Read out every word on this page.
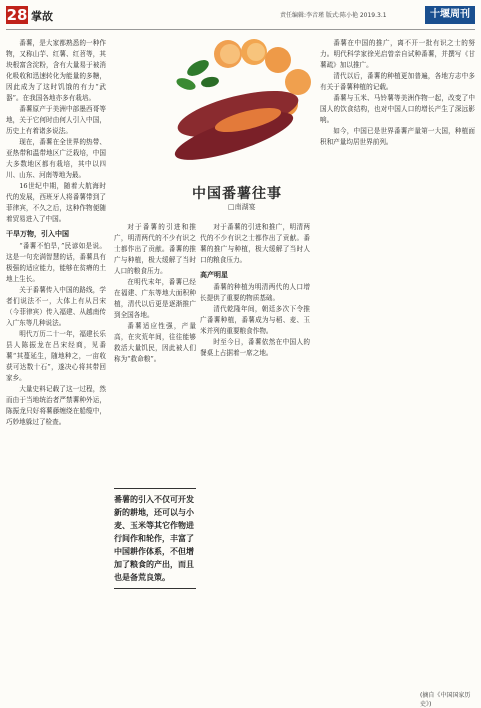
28 掌故	责任编辑:李音瑾 版式:陈小艳 2019.3.1	十堰周刊

番薯，是大家都熟悉的一种作物，又称山芋、红薯、红苕等，其块根富含淀粉，含有大量易于被消化吸收和迅速转化为能量的多糖，因此成为了这时饥饿的有力“武器”。在我国各地亦多有栽培。

番薯原产于美洲中部墨西哥等地，关于它何时由何人引入中国，历史上有着诸多说法。

现在，番薯在全世界的热带、亚热带和温带地区广泛栽培，中国大多数地区都有栽培，其中以四川、山东、河南等地为最。

16世纪中期，随着大航海时代的发展，西班牙人将番薯带到了菲律宾，不久之后，这种作物便随着贸易进入了中国。

干旱万物，引入中国

“番薯不怕旱，”民谚如是说。这是一句充满智慧的话，番薯具有极强的适应能力，能够在贫瘠的土地上生长。

关于番薯传入中国的路线，学者们说法不一，大体上有从吕宋（今菲律宾）传入福建、从越南传入广东等几种说法。

明代万历二十一年，福建长乐县人陈振龙在吕宋经商，见番薯“其蔓延生，随地种之，一亩收获可达数十石”，遂决心将其带回家乡。

大量史料记载了这一过程，然而由于当地统治者严禁薯种外运，陈振龙只好将薯藤缠绕在船缆中，巧妙地躲过了检查。

中国番薯往事
□南湖宴

对于番薯的引进和推广，明清两代的不少有识之士都作出了贡献。番薯的推广与种植，极大缓解了当时人口的粮食压力。

在明代末年，番薯已经在福建、广东等地大面积种植，清代以后更是逐渐推广到全国各地。

番薯适应性强，产量高，在灾荒年间，往往能够救活大量饥民，因此被人们称为“救命粮”。

番薯的引入不仅可开发新的耕地，还可以与小麦、玉米等其它作物进行间作和轮作，丰富了中国耕作体系，不但增加了粮食的产出，而且也是备荒良策。

对于番薯的引进和推广，明清两代的不少有识之士都作出了贡献。番薯的推广与种植，极大缓解了当时人口的粮食压力。

高产明星

番薯的种植为明清两代的人口增长提供了重要的物质基础。

清代乾隆年间，朝廷多次下令推广番薯种植，番薯成为与稻、麦、玉米并列的重要粮食作物。

时至今日，番薯依然在中国人的餐桌上占据着一席之地。

番薯在中国的推广，离不开一批有识之士的努力。明代科学家徐光启曾亲自试种番薯，并撰写《甘薯疏》加以推广。

清代以后，番薯的种植更加普遍，各地方志中多有关于番薯种植的记载。

番薯与玉米、马铃薯等美洲作物一起，改变了中国人的饮食结构，也对中国人口的增长产生了深远影响。

如今，中国已是世界番薯产量第一大国，种植面积和产量均居世界前列。

(摘自《中国国家历史》)
